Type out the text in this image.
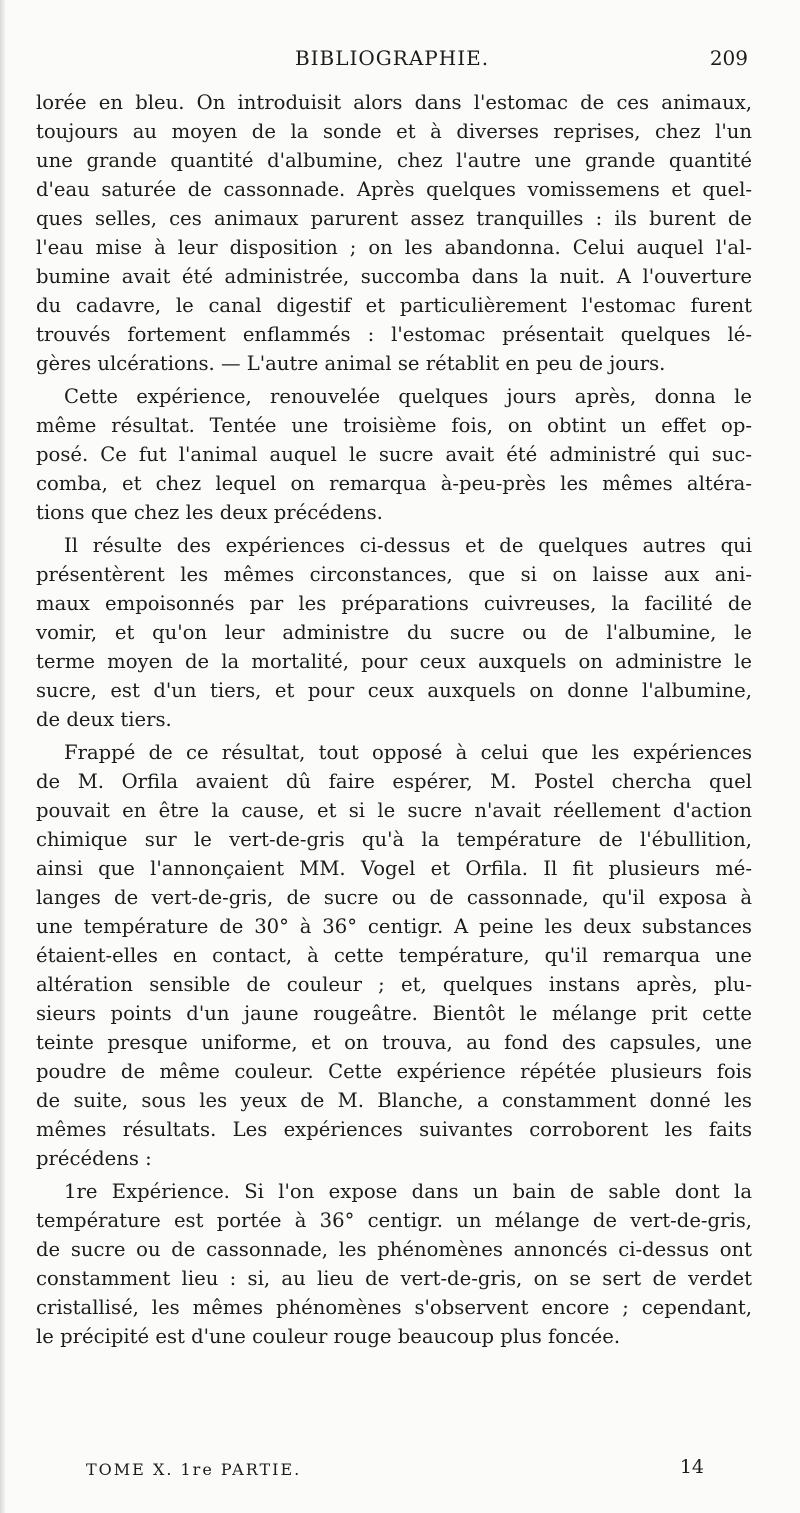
BIBLIOGRAPHIE.	209
lorée en bleu. On introduisit alors dans l'estomac de ces animaux,
toujours au moyen de la sonde et à diverses reprises, chez l'un
une grande quantité d'albumine, chez l'autre une grande quantité
d'eau saturée de cassonnade. Après quelques vomissemens et quel-
ques selles, ces animaux parurent assez tranquilles : ils burent de
l'eau mise à leur disposition ; on les abandonna. Celui auquel l'al-
bumine avait été administrée, succomba dans la nuit. A l'ouverture
du cadavre, le canal digestif et particulièrement l'estomac furent
trouvés fortement enflammés : l'estomac présentait quelques lé-
gères ulcérations. — L'autre animal se rétablit en peu de jours.
Cette expérience, renouvelée quelques jours après, donna le
même résultat. Tentée une troisième fois, on obtint un effet op-
posé. Ce fut l'animal auquel le sucre avait été administré qui suc-
comba, et chez lequel on remarqua à-peu-près les mêmes altéra-
tions que chez les deux précédens.
Il résulte des expériences ci-dessus et de quelques autres qui
présentèrent les mêmes circonstances, que si on laisse aux ani-
maux empoisonnés par les préparations cuivreuses, la facilité de
vomir, et qu'on leur administre du sucre ou de l'albumine, le
terme moyen de la mortalité, pour ceux auxquels on administre le
sucre, est d'un tiers, et pour ceux auxquels on donne l'albumine,
de deux tiers.
Frappé de ce résultat, tout opposé à celui que les expériences
de M. Orfila avaient dû faire espérer, M. Postel chercha quel
pouvait en être la cause, et si le sucre n'avait réellement d'action
chimique sur le vert-de-gris qu'à la température de l'ébullition,
ainsi que l'annonçaient MM. Vogel et Orfila. Il fit plusieurs mé-
langes de vert-de-gris, de sucre ou de cassonnade, qu'il exposa à
une température de 30° à 36° centigr. A peine les deux substances
étaient-elles en contact, à cette température, qu'il remarqua une
altération sensible de couleur ; et, quelques instans après, plu-
sieurs points d'un jaune rougeâtre. Bientôt le mélange prit cette
teinte presque uniforme, et on trouva, au fond des capsules, une
poudre de même couleur. Cette expérience répétée plusieurs fois
de suite, sous les yeux de M. Blanche, a constamment donné les
mêmes résultats. Les expériences suivantes corroborent les faits
précédens :
1re Expérience. Si l'on expose dans un bain de sable dont la
température est portée à 36° centigr. un mélange de vert-de-gris,
de sucre ou de cassonnade, les phénomènes annoncés ci-dessus ont
constamment lieu : si, au lieu de vert-de-gris, on se sert de verdet
cristallisé, les mêmes phénomènes s'observent encore ; cependant,
le précipité est d'une couleur rouge beaucoup plus foncée.
TOME X. 1re PARTIE.	14
